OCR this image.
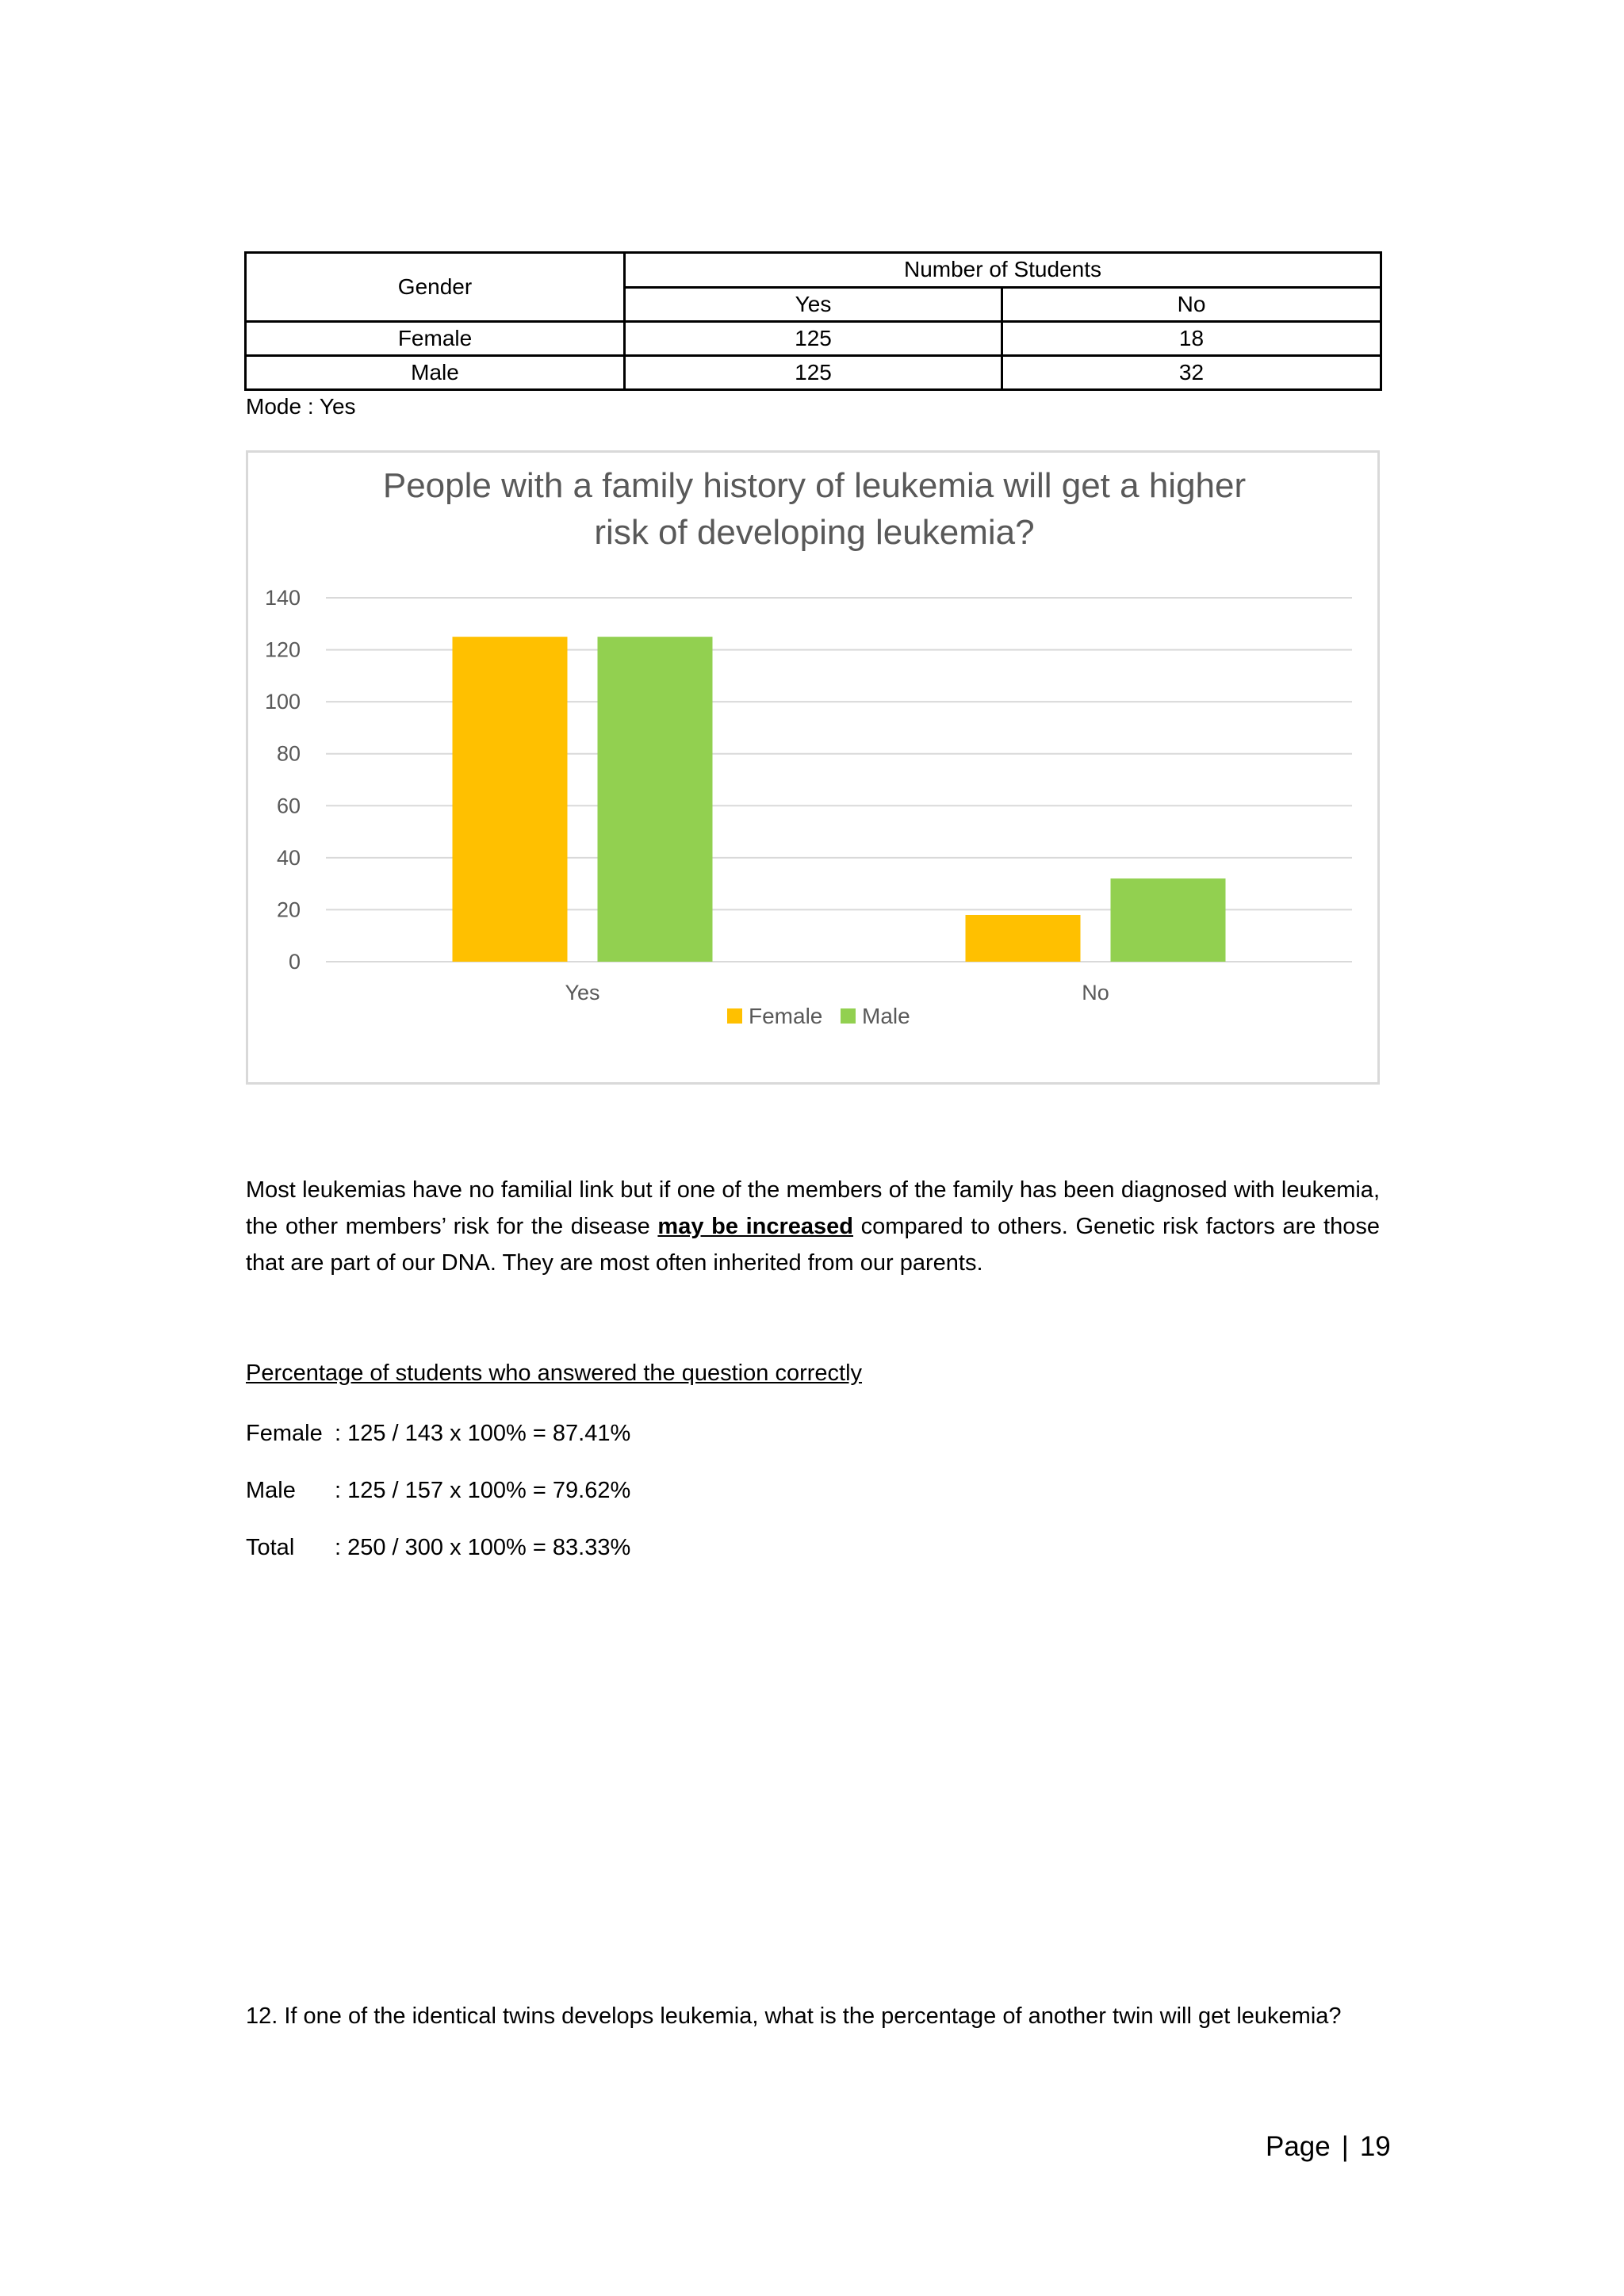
Gender	Number of Students	
	Yes	No
Female	125	18
Male	125	32
Mode : Yes
People with a family history of leukemia will get a higher
risk of developing leukemia?
0
20
40
60
80
100
120
140
Yes	No
Female Male
Most leukemias have no familial link but if one of the members of the family has been diagnosed with leukemia, the other members’ risk for the disease may be increased compared to others. Genetic risk factors are those that are part of our DNA. They are most often inherited from our parents.
Percentage of students who answered the question correctly
Female : 125 / 143 x 100% = 87.41%
Male	: 125 / 157 x 100% = 79.62%
Total	: 250 / 300 x 100% = 83.33%
12. If one of the identical twins develops leukemia, what is the percentage of another twin will get leukemia?
Page | 19
